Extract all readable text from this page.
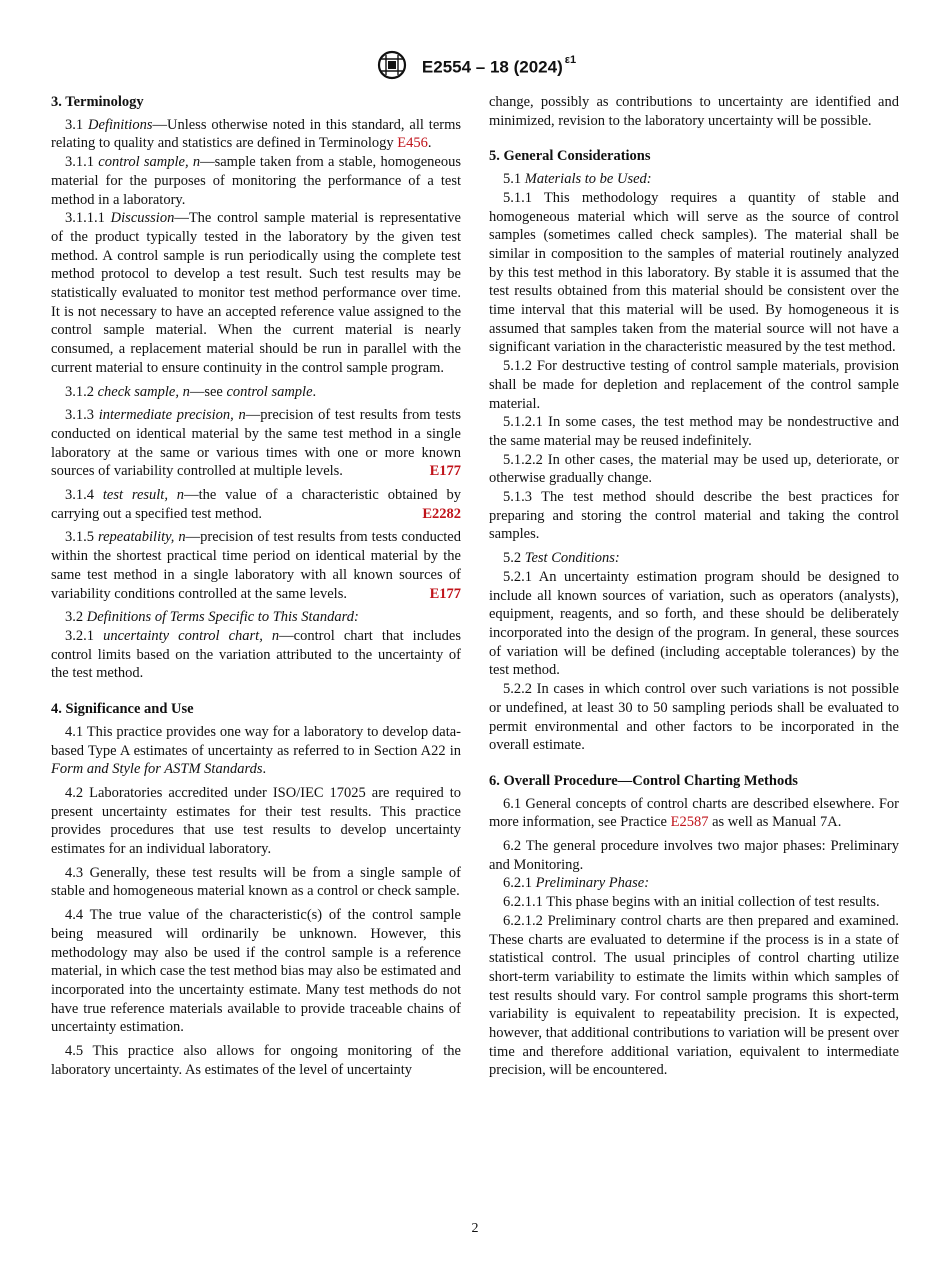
E2554 – 18 (2024) $^{\varepsilon 1}$
3. Terminology

3.1 Definitions—Unless otherwise noted in this standard, all terms relating to quality and statistics are defined in Terminology E456.

3.1.1 control sample, n—sample taken from a stable, homogeneous material for the purposes of monitoring the performance of a test method in a laboratory.

3.1.1.1 Discussion—The control sample material is representative of the product typically tested in the laboratory by the given test method. A control sample is run periodically using the complete test method protocol to develop a test result. Such test results may be statistically evaluated to monitor test method performance over time. It is not necessary to have an accepted reference value assigned to the control sample material. When the current material is nearly consumed, a replacement material should be run in parallel with the current material to ensure continuity in the control sample program.

3.1.2 check sample, n—see control sample.

3.1.3 intermediate precision, n—precision of test results from tests conducted on identical material by the same test method in a single laboratory at the same or various times with one or more known sources of variability controlled at multiple levels.	E177

3.1.4 test result, n—the value of a characteristic obtained by carrying out a specified test method.	E2282

3.1.5 repeatability, n—precision of test results from tests conducted within the shortest practical time period on identical material by the same test method in a single laboratory with all known sources of variability conditions controlled at the same levels.	E177

3.2 Definitions of Terms Specific to This Standard:

3.2.1 uncertainty control chart, n—control chart that includes control limits based on the variation attributed to the uncertainty of the test method.

4. Significance and Use

4.1 This practice provides one way for a laboratory to develop data-based Type A estimates of uncertainty as referred to in Section A22 in Form and Style for ASTM Standards.

4.2 Laboratories accredited under ISO/IEC 17025 are required to present uncertainty estimates for their test results. This practice provides procedures that use test results to develop uncertainty estimates for an individual laboratory.

4.3 Generally, these test results will be from a single sample of stable and homogeneous material known as a control or check sample.

4.4 The true value of the characteristic(s) of the control sample being measured will ordinarily be unknown. However, this methodology may also be used if the control sample is a reference material, in which case the test method bias may also be estimated and incorporated into the uncertainty estimate. Many test methods do not have true reference materials available to provide traceable chains of uncertainty estimation.

4.5 This practice also allows for ongoing monitoring of the laboratory uncertainty. As estimates of the level of uncertainty

change, possibly as contributions to uncertainty are identified and minimized, revision to the laboratory uncertainty will be possible.

5. General Considerations

5.1 Materials to be Used:

5.1.1 This methodology requires a quantity of stable and homogeneous material which will serve as the source of control samples (sometimes called check samples). The material shall be similar in composition to the samples of material routinely analyzed by this test method in this laboratory. By stable it is assumed that the test results obtained from this material should be consistent over the time interval that this material will be used. By homogeneous it is assumed that samples taken from the material source will not have a significant variation in the characteristic measured by the test method.

5.1.2 For destructive testing of control sample materials, provision shall be made for depletion and replacement of the control sample material.

5.1.2.1 In some cases, the test method may be nondestructive and the same material may be reused indefinitely.

5.1.2.2 In other cases, the material may be used up, deteriorate, or otherwise gradually change.

5.1.3 The test method should describe the best practices for preparing and storing the control material and taking the control samples.

5.2 Test Conditions:

5.2.1 An uncertainty estimation program should be designed to include all known sources of variation, such as operators (analysts), equipment, reagents, and so forth, and these should be deliberately incorporated into the design of the program. In general, these sources of variation will be defined (including acceptable tolerances) by the test method.

5.2.2 In cases in which control over such variations is not possible or undefined, at least 30 to 50 sampling periods shall be evaluated to permit environmental and other factors to be incorporated in the overall estimate.

6. Overall Procedure—Control Charting Methods

6.1 General concepts of control charts are described elsewhere. For more information, see Practice E2587 as well as Manual 7A.

6.2 The general procedure involves two major phases: Preliminary and Monitoring.

6.2.1 Preliminary Phase:

6.2.1.1 This phase begins with an initial collection of test results.

6.2.1.2 Preliminary control charts are then prepared and examined. These charts are evaluated to determine if the process is in a state of statistical control. The usual principles of control charting utilize short-term variability to estimate the limits within which samples of test results should vary. For control sample programs this short-term variability is equivalent to repeatability precision. It is expected, however, that additional contributions to variation will be present over time and therefore additional variation, equivalent to intermediate precision, will be encountered.

2
